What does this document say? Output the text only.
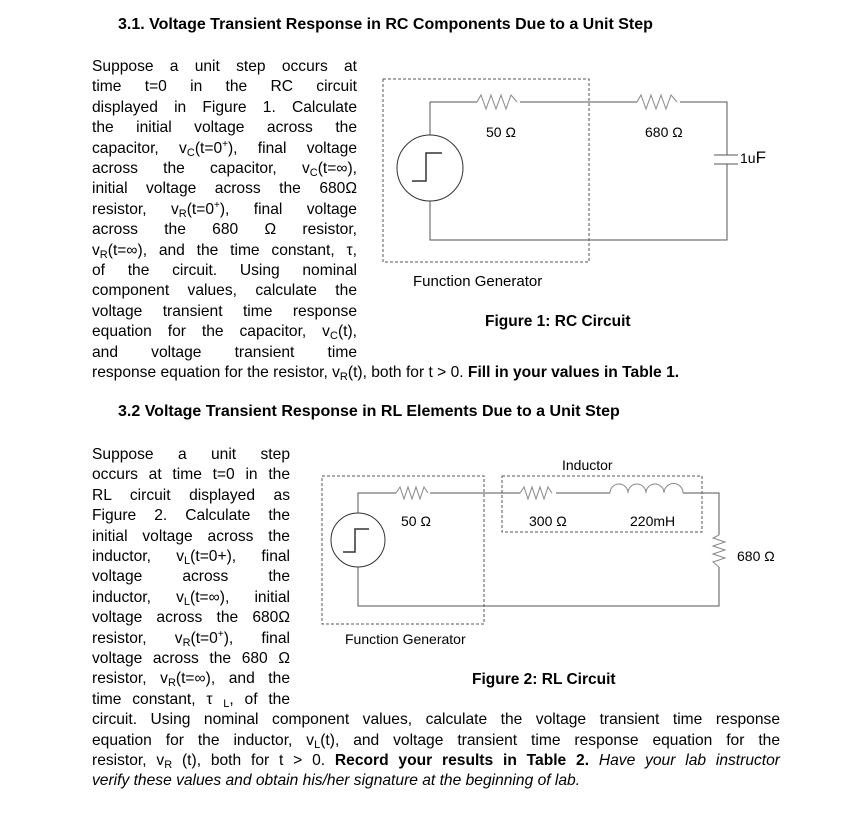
3.1. Voltage Transient Response in RC Components Due to a Unit Step
Suppose a unit step occurs at
time t=0 in the RC circuit
displayed in Figure 1. Calculate
the initial voltage across the
capacitor, $v_C(t=0^+)$, final voltage
across the capacitor, $v_C(t=\infty)$,
initial voltage across the 680Ω
resistor, $v_R(t=0^+)$, final voltage
across the 680 Ω resistor,
$v_R(t=\infty)$, and the time constant, τ,
of the circuit. Using nominal
component values, calculate the
voltage transient time response
equation for the capacitor, $v_C(t)$,
and voltage transient time
response equation for the resistor, $v_R(t)$, both for t > 0. Fill in your values in Table 1.
3.2 Voltage Transient Response in RL Elements Due to a Unit Step
Suppose a unit step
occurs at time t=0 in the
RL circuit displayed as
Figure 2. Calculate the
initial voltage across the
inductor, $v_L(t=0+)$, final
voltage across the
inductor, $v_L(t=\infty)$, initial
voltage across the 680Ω
resistor, $v_R(t=0^+)$, final
voltage across the 680 Ω
resistor, $v_R(t=\infty)$, and the
time constant, τ $_L$, of the
circuit. Using nominal component values, calculate the voltage transient time response
equation for the inductor, $v_L(t)$, and voltage transient time response equation for the
resistor, $v_R$ (t), both for t > 0. Record your results in Table 2. Have your lab instructor
verify these values and obtain his/her signature at the beginning of lab.
50 Ω	680 Ω
1uF
Function Generator
Figure 1: RC Circuit
50 Ω	300 Ω	220mH
Inductor
680 Ω
Function Generator
Figure 2: RL Circuit
